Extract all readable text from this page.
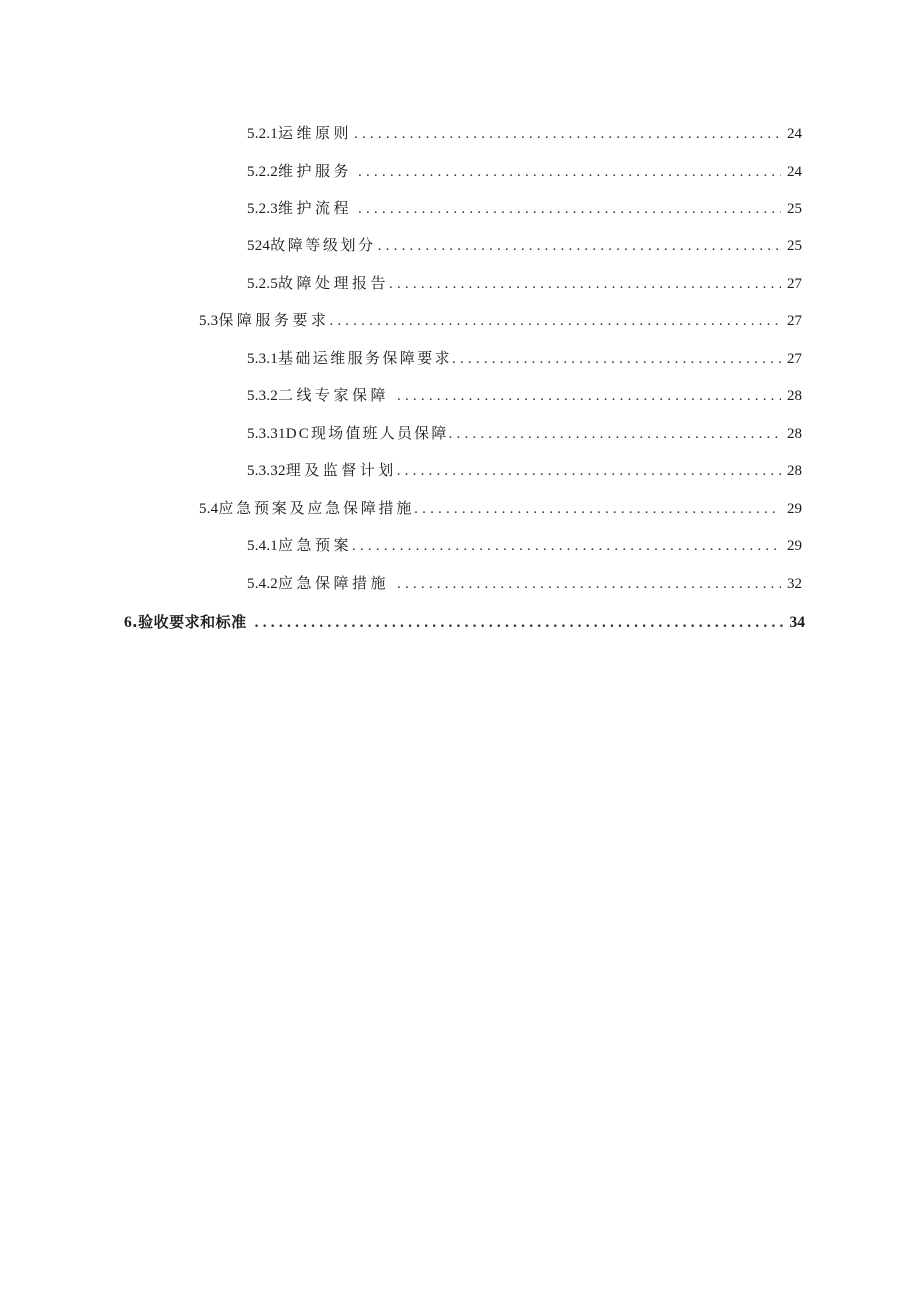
5.2.1 运维原则 .....	24
5.2.2 维护服务 .....	24
5.2.3 维护流程 .....	25
524 故障等级划分 .....	25
5.2.5 故障处理报告 .....	27
5.3 保障服务要求 .....	27
5.3.1 基础运维服务保障要求 .....	27
5.3.2 二线专家保障 .....	28
5.3.31 DC现场值班人员保障 .....	28
5.3.32 理及监督计划 .....	28
5.4 应急预案及应急保障措施 .....	29
5.4.1 应急预案 .....	29
5.4.2 应急保障措施 .....	32
6 .验收要求和标准 .....	34
